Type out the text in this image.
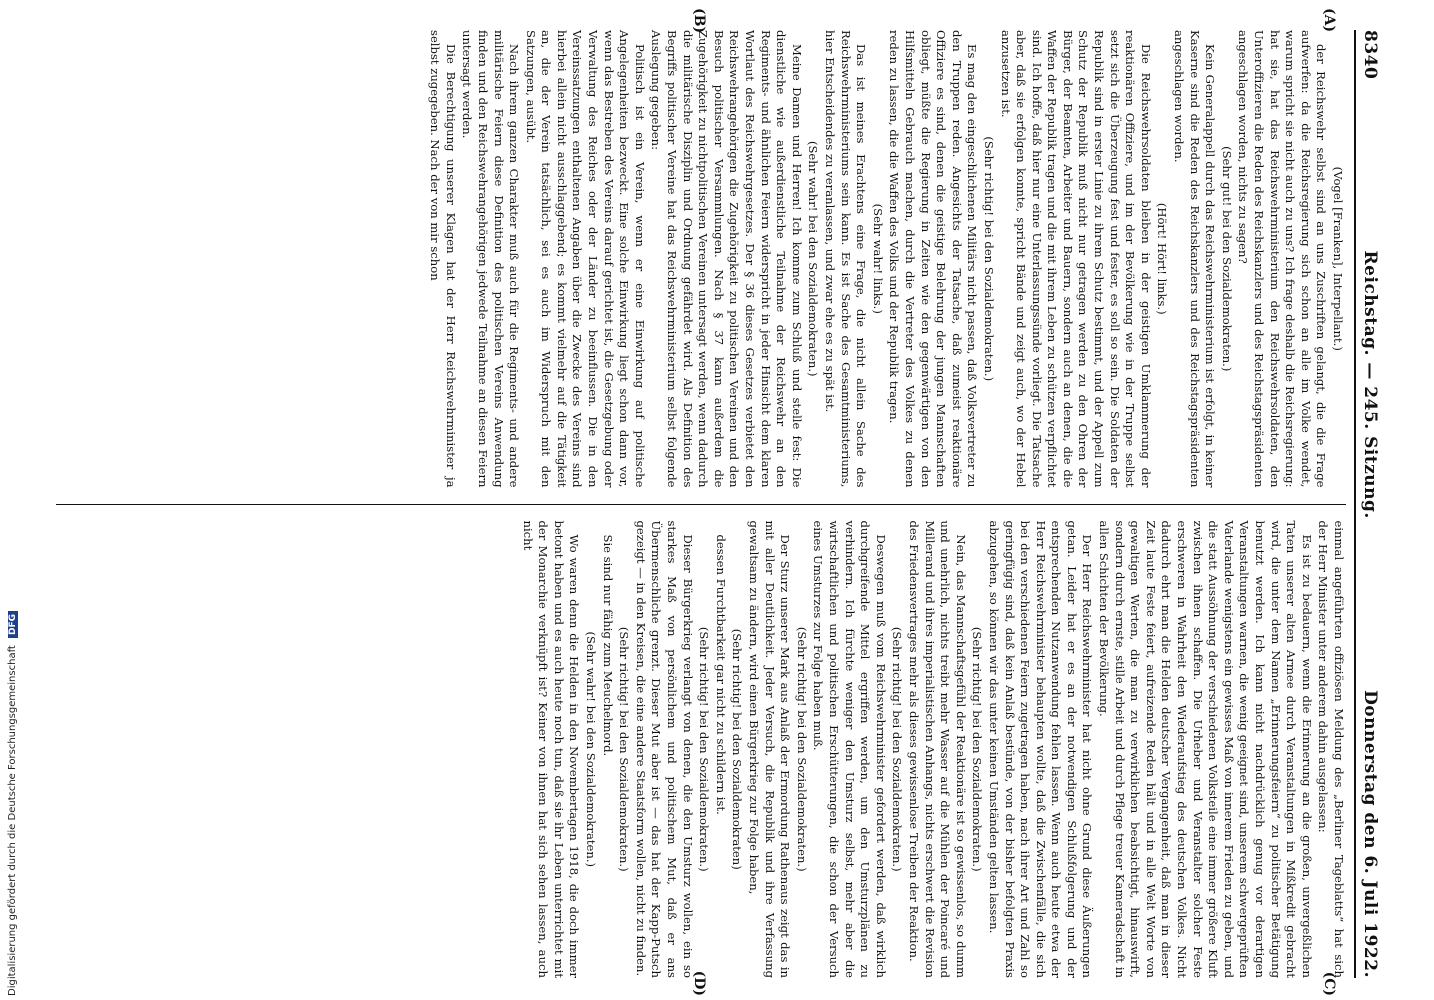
Digitalisierung gefördert durch die Deutsche Forschungsgemeinschaft DFG
8340
Reichstag. — 245. Sitzung.
Donnerstag den 6. Juli 1922.
(A)
(B)

(Vogel [Franken], Interpellant.)

der Reichswehr selbst sind an uns Zuschriften gelangt, die die Frage aufwerfen: da die Reichsregierung sich schon an alle im Volke wendet, warum spricht sie nicht auch zu uns? Ich frage deshalb die Reichsregierung: hat sie, hat das Reichswehrministerium den Reichswehrsoldaten, den Unteroffizieren die Reden des Reichskanzlers und des Reichstagspräsidenten angeschlagen worden, nichts zu sagen?

(Sehr gut! bei den Sozialdemokraten.)

Kein Generalappell durch das Reichswehrministerium ist erfolgt, in keiner Kaserne sind die Reden des Reichskanzlers und des Reichstagspräsidenten angeschlagen worden.

(Hört! Hört! links.)

Die Reichswehrsoldaten bleiben in der geistigen Umklammerung der reaktionären Offiziere, und im der Bevölkerung wie in der Truppe selbst setzt sich die Überzeugung fest und fester, es soll so sein. Die Soldaten der Republik sind in erster Linie zu ihrem Schutz bestimmt, und der Appell zum Schutz der Republik muß nicht nur getragen werden zu den Ohren der Bürger, der Beamten, Arbeiter und Bauern, sondern auch an denen, die die Waffen der Republik tragen und die mit ihrem Leben zu schützen verpflichtet sind. Ich hoffe, daß hier nur eine Unterlassungssünde vorliegt. Die Tatsache aber, daß sie erfolgen konnte, spricht Bände und zeigt auch, wo der Hebel anzusetzen ist.

(Sehr richtig! bei den Sozialdemokraten.)

Es mag den eingeschlichenen Militärs nicht passen, daß Volksvertreter zu den Truppen reden. Angesichts der Tatsache, daß zumeist reaktionäre Offiziere es sind, denen die geistige Belehrung der jungen Mannschaften obliegt, müßte die Regierung in Zeiten wie den gegenwärtigen von den Hilfsmitteln Gebrauch machen, durch die Vertreter des Volkes zu denen reden zu lassen, die die Waffen des Volks und der Republik tragen.

(Sehr wahr! links.)

Das ist meines Erachtens eine Frage, die nicht allein Sache des Reichswehrministeriums sein kann. Es ist Sache des Gesamtministeriums, hier Entscheidendes zu veranlassen, und zwar ehe es zu spät ist.

(Sehr wahr! bei den Sozialdemokraten.)

Meine Damen und Herren! Ich komme zum Schluß und stelle fest: Die dienstliche wie außerdienstliche Teilnahme der Reichswehr an den Regiments- und ähnlichen Feiern widerspricht in jeder Hinsicht dem klaren Wortlaut des Reichswehrgesetzes. Der § 36 dieses Gesetzes verbietet den Reichswehrangehörigen die Zugehörigkeit zu politischen Vereinen und den Besuch politischer Versammlungen. Nach § 37 kann außerdem die Zugehörigkeit zu nichtpolitischen Vereinen untersagt werden, wenn dadurch die militärische Disziplin und Ordnung gefährdet wird. Als Definition des Begriffs politischer Vereine hat das Reichswehrministerium selbst folgende Auslegung gegeben:

Politisch ist ein Verein, wenn er eine Einwirkung auf politische Angelegenheiten bezweckt. Eine solche Einwirkung liegt schon dann vor, wenn das Bestreben des Vereins darauf gerichtet ist, die Gesetzgebung oder Verwaltung des Reiches oder der Länder zu beeinflussen. Die in den Vereinssatzungen enthaltenen Angaben über die Zwecke des Vereins sind hierbei allein nicht ausschlaggebend; es kommt vielmehr auf die Tätigkeit an, die der Verein tatsächlich, sei es auch im Widerspruch mit den Satzungen, ausübt.

Nach ihrem ganzen Charakter muß auch für die Regiments- und andere militärische Feiern diese Definition des politischen Vereins Anwendung finden und den Reichswehrangehörigen jedwede Teilnahme an diesen Feiern untersagt werden.

Die Berechtigung unserer Klagen hat der Herr Reichswehrminister ja selbst zugegeben. Nach der von mir schon

(C)
(D)

einmal angeführten offiziösen Meldung des „Berliner Tageblatts“ hat sich der Herr Minister unter anderem dahin ausgelassen:

Es ist zu bedauern, wenn die Erinnerung an die großen, unvergeßlichen Taten unserer alten Armee durch Veranstaltungen in Mißkredit gebracht wird, die unter dem Namen „Erinnerungsfeiern“ zu politischer Betätigung benutzt werden. Ich kann nicht nachdrücklich genug vor derartigen Veranstaltungen warnen, die wenig geeignet sind, unserem schwergeprüften Vaterlande wenigstens ein gewisses Maß von innerem Frieden zu geben, und die statt Aussöhnung der verschiedenen Volksteile eine immer größere Kluft zwischen ihnen schaffen. Die Urheber und Veranstalter solcher Feste erschweren in Wahrheit den Wiederaufstieg des deutschen Volkes. Nicht dadurch ehrt man die Helden deutscher Vergangenheit, daß man in dieser Zeit laute Feste feiert, aufreizende Reden hält und in alle Welt Worte von gewaltigen Werten, die man zu verwirklichen beabsichtigt, hinauswirft, sondern durch ernste, stille Arbeit und durch Pflege treuer Kameradschaft in allen Schichten der Bevölkerung.

Der Herr Reichswehrminister hat nicht ohne Grund diese Äußerungen getan. Leider hat er es an der notwendigen Schlußfolgerung und der entsprechenden Nutzanwendung fehlen lassen. Wenn auch heute etwa der Herr Reichswehrminister behaupten wollte, daß die Zwischenfälle, die sich bei den verschiedenen Feiern zugetragen haben, nach ihrer Art und Zahl so geringfügig sind, daß kein Anlaß bestünde, von der bisher befolgten Praxis abzugehen, so können wir das unter keinen Umständen gelten lassen.

(Sehr richtig! bei den Sozialdemokraten.)

Nein, das Mannschaftsgefühl der Reaktionäre ist so gewissenlos, so dumm und unehrlich, nichts treibt mehr Wasser auf die Mühlen der Poincaré und Millerand und ihres imperialistischen Anhangs, nichts erschwert die Revision des Friedensvertrages mehr als dieses gewissenlose Treiben der Reaktion.

(Sehr richtig! bei den Sozialdemokraten.)

Deswegen muß vom Reichswehrminister gefordert werden, daß wirklich durchgreifende Mittel ergriffen werden, um den Umsturzplänen zu verhindern. Ich fürchte weniger den Umsturz selbst, mehr aber die wirtschaftlichen und politischen Erschütterungen, die schon der Versuch eines Umsturzes zur Folge haben muß.

(Sehr richtig! bei den Sozialdemokraten.)

Der Sturz unserer Mark aus Anlaß der Ermordung Rathenaus zeigt das in mit aller Deutlichkeit. Jeder Versuch, die Republik und ihre Verfassung gewaltsam zu ändern, wird einen Bürgerkrieg zur Folge haben,

(Sehr richtig! bei den Sozialdemokraten)

dessen Furchtbarkeit gar nicht zu schildern ist.

(Sehr richtig! bei den Sozialdemokraten.)

Dieser Bürgerkrieg verlangt von denen, die den Umsturz wollen, ein so starkes Maß von persönlichem und politischem Mut, daß er ans Übermenschliche grenzt. Dieser Mut aber ist — das hat der Kapp-Putsch gezeigt — in den Kreisen, die eine andere Staatsform wollen, nicht zu finden.

(Sehr richtig! bei den Sozialdemokraten.)

Sie sind nur fähig zum Meuchelmord.

(Sehr wahr! bei den Sozialdemokraten.)

Wo waren denn die Helden in den Novembertagen 1918, die doch immer betont haben und es auch heute noch tun, daß sie ihr Leben unterrichtet mit der Monarchie verknüpft ist? Keiner von ihnen hat sich sehen lassen, auch nicht
